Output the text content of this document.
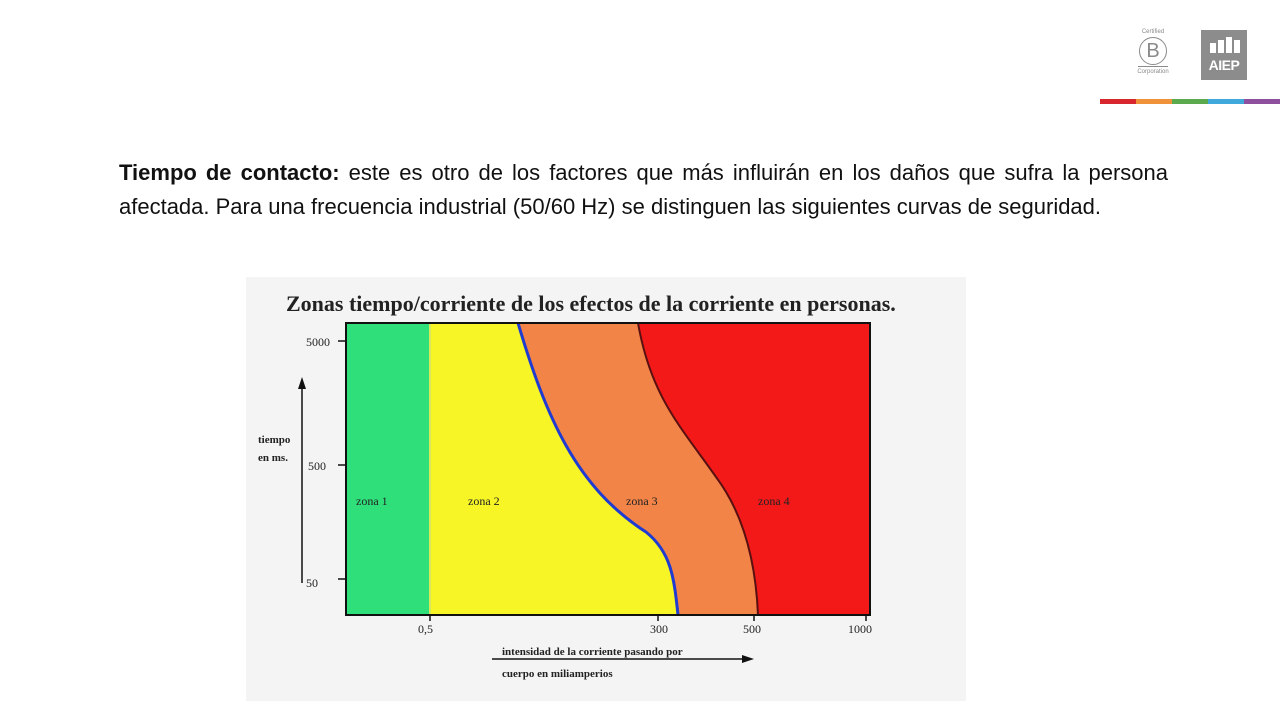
Certified
B
Corporation	AIEP
Tiempo de contacto: este es otro de los factores que más influirán en los daños que sufra la persona afectada. Para una frecuencia industrial (50/60 Hz) se distinguen las siguientes curvas de seguridad.
Zonas tiempo/corriente de los efectos de la corriente en personas.
zona 1	zona 2	zona 3	zona 4
5000
500
50
tiempo
en ms.
0,5	300	500	1000
intensidad de la corriente pasando por
cuerpo en miliamperios
